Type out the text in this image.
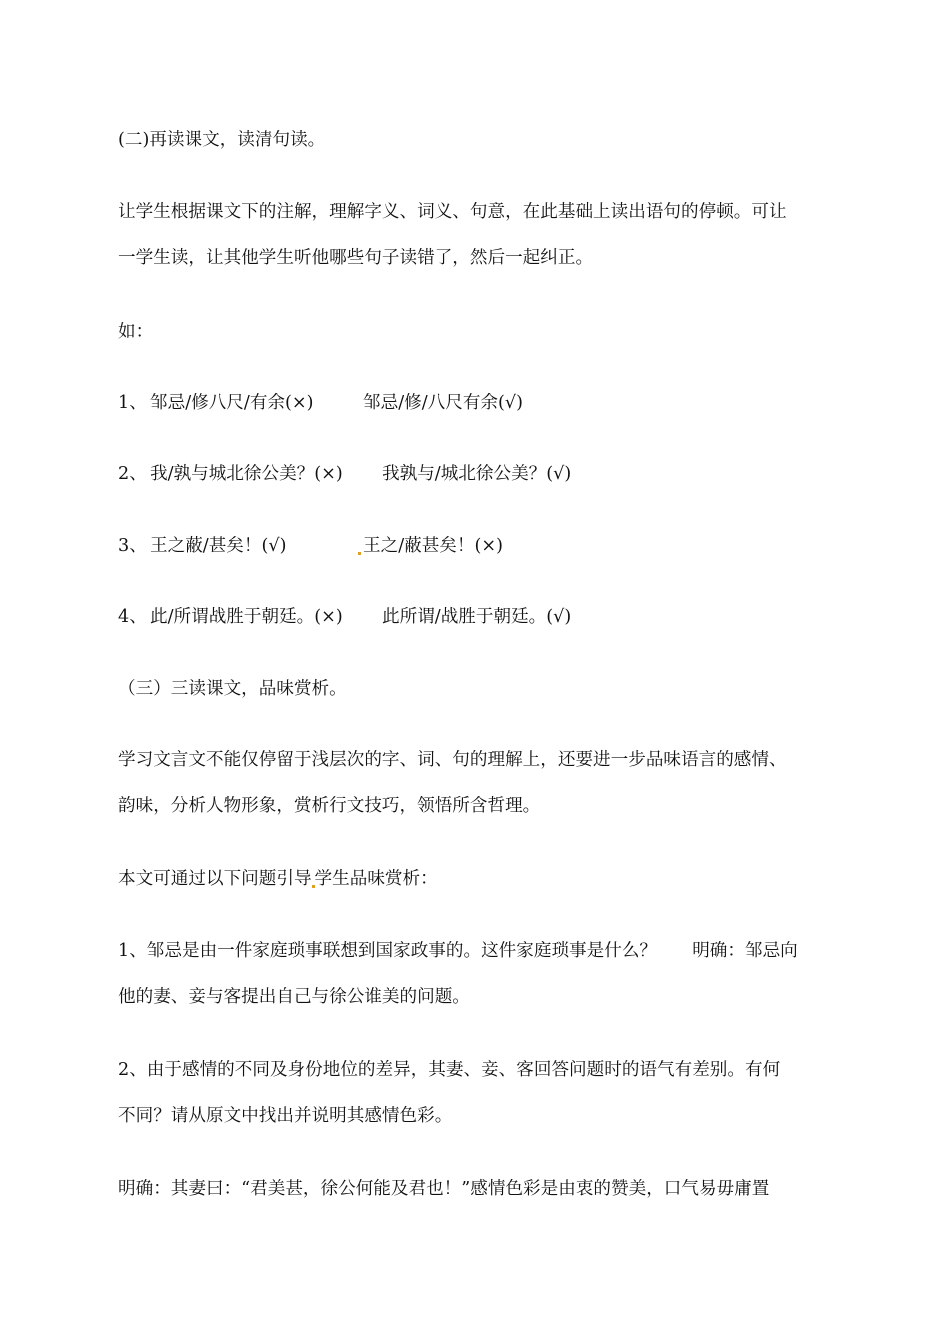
(二)再读课文，读清句读。
让学生根据课文下的注解，理解字义、词义、句意，在此基础上读出语句的停顿。可让
一学生读，让其他学生听他哪些句子读错了，然后一起纠正。
如：
1、 邹忌/修八尺/有余(×)	邹忌/修/八尺有余(√)
2、 我/孰与城北徐公美？(×) 我孰与/城北徐公美？(√)
3、 王之蔽/甚矣！(√)	王之/蔽甚矣！(×)
4、 此/所谓战胜于朝廷。(×) 此所谓/战胜于朝廷。(√)
（三）三读课文，品味赏析。
学习文言文不能仅停留于浅层次的字、词、句的理解上，还要进一步品味语言的感情、
韵味，分析人物形象，赏析行文技巧，领悟所含哲理。
本文可通过以下问题引导 学生品味赏析：
1、邹忌是由一件家庭琐事联想到国家政事的。这件家庭琐事是什么？　　明确：邹忌向
他的妻、妾与客提出自己与徐公谁美的问题。
2、由于感情的不同及身份地位的差异，其妻、妾、客回答问题时的语气有差别。有何
不同？请从原文中找出并说明其感情色彩。
明确：其妻曰：“君美甚，徐公何能及君也！”感情色彩是由衷的赞美，口气易毋庸置
